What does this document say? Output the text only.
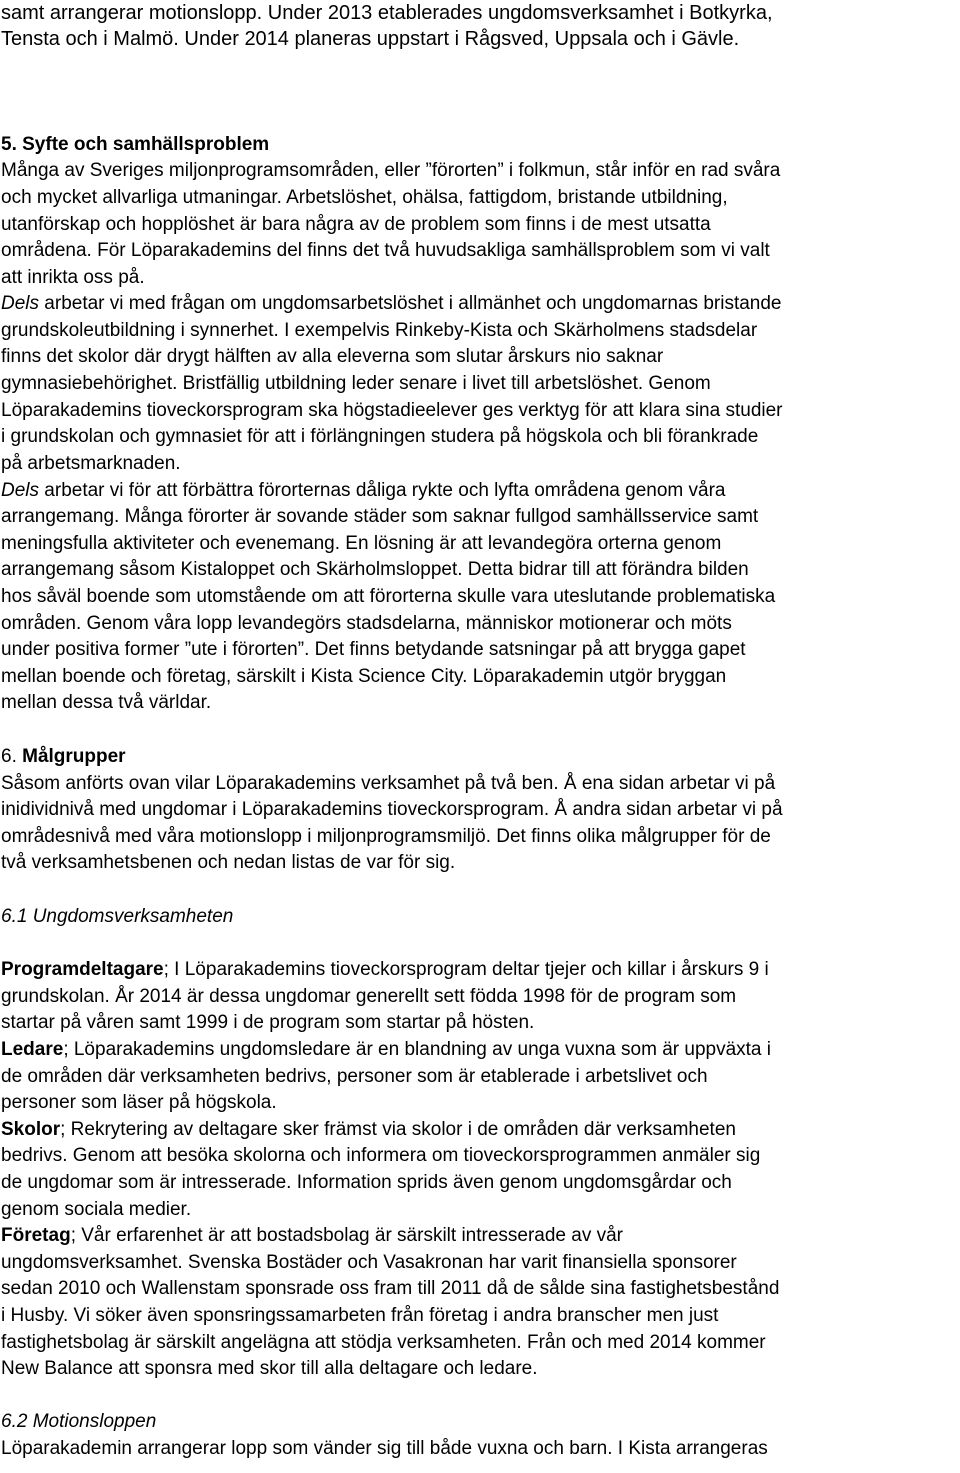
samt arrangerar motionslopp. Under 2013 etablerades ungdomsverksamhet i Botkyrka,
Tensta och i Malmö. Under 2014 planeras uppstart i Rågsved, Uppsala och i Gävle.
5. Syfte och samhällsproblem
Många av Sveriges miljonprogramsområden, eller ”förorten” i folkmun, står inför en rad svåra
och mycket allvarliga utmaningar. Arbetslöshet, ohälsa, fattigdom, bristande utbildning,
utanförskap och hopplöshet är bara några av de problem som finns i de mest utsatta
områdena. För Löparakademins del finns det två huvudsakliga samhällsproblem som vi valt
att inrikta oss på.
Dels arbetar vi med frågan om ungdomsarbetslöshet i allmänhet och ungdomarnas bristande
grundskoleutbildning i synnerhet. I exempelvis Rinkeby-Kista och Skärholmens stadsdelar
finns det skolor där drygt hälften av alla eleverna som slutar årskurs nio saknar
gymnasiebehörighet. Bristfällig utbildning leder senare i livet till arbetslöshet. Genom
Löparakademins tioveckorsprogram ska högstadieelever ges verktyg för att klara sina studier
i grundskolan och gymnasiet för att i förlängningen studera på högskola och bli förankrade
på arbetsmarknaden.
Dels arbetar vi för att förbättra förorternas dåliga rykte och lyfta områdena genom våra
arrangemang. Många förorter är sovande städer som saknar fullgod samhällsservice samt
meningsfulla aktiviteter och evenemang. En lösning är att levandegöra orterna genom
arrangemang såsom Kistaloppet och Skärholmsloppet. Detta bidrar till att förändra bilden
hos såväl boende som utomstående om att förorterna skulle vara uteslutande problematiska
områden. Genom våra lopp levandegörs stadsdelarna, människor motionerar och möts
under positiva former ”ute i förorten”. Det finns betydande satsningar på att brygga gapet
mellan boende och företag, särskilt i Kista Science City. Löparakademin utgör bryggan
mellan dessa två världar.
6. Målgrupper
Såsom anförts ovan vilar Löparakademins verksamhet på två ben. Å ena sidan arbetar vi på
inidividnivå med ungdomar i Löparakademins tioveckorsprogram. Å andra sidan arbetar vi på
områdesnivå med våra motionslopp i miljonprogramsmiljö. Det finns olika målgrupper för de
två verksamhetsbenen och nedan listas de var för sig.
6.1 Ungdomsverksamheten
Programdeltagare; I Löparakademins tioveckorsprogram deltar tjejer och killar i årskurs 9 i
grundskolan. År 2014 är dessa ungdomar generellt sett födda 1998 för de program som
startar på våren samt 1999 i de program som startar på hösten.
Ledare; Löparakademins ungdomsledare är en blandning av unga vuxna som är uppväxta i
de områden där verksamheten bedrivs, personer som är etablerade i arbetslivet och
personer som läser på högskola.
Skolor; Rekrytering av deltagare sker främst via skolor i de områden där verksamheten
bedrivs. Genom att besöka skolorna och informera om tioveckorsprogrammen anmäler sig
de ungdomar som är intresserade. Information sprids även genom ungdomsgårdar och
genom sociala medier.
Företag; Vår erfarenhet är att bostadsbolag är särskilt intresserade av vår
ungdomsverksamhet. Svenska Bostäder och Vasakronan har varit finansiella sponsorer
sedan 2010 och Wallenstam sponsrade oss fram till 2011 då de sålde sina fastighetsbestånd
i Husby. Vi söker även sponsringssamarbeten från företag i andra branscher men just
fastighetsbolag är särskilt angelägna att stödja verksamheten. Från och med 2014 kommer
New Balance att sponsra med skor till alla deltagare och ledare.
6.2 Motionsloppen
Löparakademin arrangerar lopp som vänder sig till både vuxna och barn. I Kista arrangeras
